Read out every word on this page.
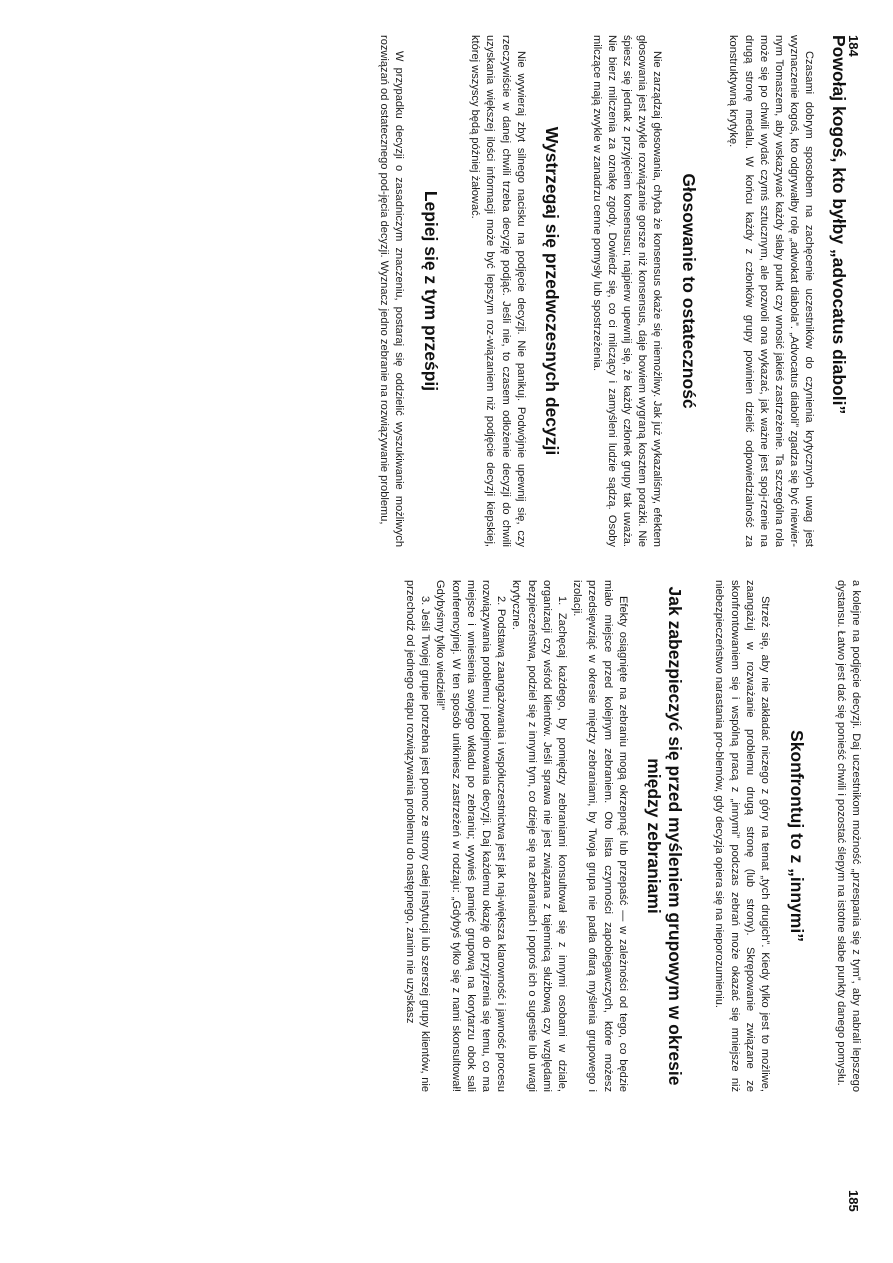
Powołaj kogoś, kto byłby „advocatus diaboli”

Czasami dobrym sposobem na zachęcenie uczestników do czynienia krytycznych uwag jest wyznaczenie kogoś, kto odgrywałby rolę „adwokat diabola”. „Advocatus diaboli” zgadza się być niewier-nym Tomaszem, aby wskazywać każdy słaby punkt czy wnosić jakieś zastrzeżenie. Ta szczególna rola może się po chwili wydać czymś sztucznym, ale pozwoli ona wykazać, jak ważne jest spoj-rzenie na drugą stronę medalu. W końcu każdy z członków grupy powinien dzielić odpowiedzialność za konstruktywną krytykę.

Głosowanie to ostateczność

Nie zarządzaj głosowania, chyba że konsensus okaże się niemożliwy. Jak już wykazaliśmy, efektem głosowania jest zwykle rozwiązanie gorsze niż konsensus, daje bowiem wygraną kosztem porażki. Nie śpiesz się jednak z przyjęciem konsensusu; najpierw upewnij się, że każdy członek grupy tak uważa. Nie bierz milczenia za oznakę zgody. Dowiedz się, co ci milczący i zamyśleni ludzie sądzą. Osoby milczące mają zwykle w zanadrzu cenne pomysły lub spostrzeżenia.

Wystrzegaj się przedwczesnych decyzji

Nie wywieraj zbyt silnego nacisku na podjęcie decyzji. Nie panikuj. Podwójnie upewnij się, czy rzeczywiście w danej chwili trzeba decyzję podjąć. Jeśli nie, to czasem odłożenie decyzji do chwili uzyskania większej ilości informacji może być lepszym roz-wiązaniem niż podjęcie decyzji kiepskiej, której wszyscy będą później żałować.

Lepiej się z tym prześpij

W przypadku decyzji o zasadniczym znaczeniu, postaraj się oddzielić wyszukiwanie możliwych rozwiązań od ostatecznego pod-jęcia decyzji. Wyznacz jedno zebranie na rozwiązywanie problemu,

a kolejne na podjęcie decyzji. Daj uczestnikom możność „przespania się z tym”, aby nabrali lepszego dystansu. Łatwo jest dać się ponieść chwili i pozostać ślepym na istotne słabe punkty danego pomysłu.

Skonfrontuj to z „innymi”

Strzeż się, aby nie zakładać niczego z góry na temat „tych drugich”. Kiedy tylko jest to możliwe, zaangażuj w rozważanie problemu drugą stronę (lub strony). Skrępowanie związane ze skonfrontowaniem się i wspólną pracą z „innymi” podczas zebrań może okazać się mniejsze niż niebezpieczeństwo narastania pro-blemów, gdy decyzja opiera się na nieporozumieniu.

Jak zabezpieczyć się przed myśleniem grupowym w okresie między zebraniami

Efekty osiągnięte na zebraniu mogą okrzepnąć lub przepaść — w zależności od tego, co będzie miało miejsce przed kolejnym zebraniem. Oto lista czynności zapobiegawczych, które możesz przedsięwziąć w okresie między zebraniami, by Twoja grupa nie padła ofiarą myślenia grupowego i izolacji.

1. Zachęcaj każdego, by pomiędzy zebraniami konsultował się z innymi osobami w dziale, organizacji czy wśród klientów. Jeśli sprawa nie jest związana z tajemnicą służbową czy względami bezpieczeństwa, podziel się z innymi tym, co dzieje się na zebraniach i poproś ich o sugestie lub uwagi krytyczne.

2. Podstawą zaangażowania i współuczestnictwa jest jak naj-większa klarowność i jawność procesu rozwiązywania problemu i podejmowania decyzji. Daj każdemu okazję do przyjrzenia się temu, co ma miejsce i wniesienia swojego wkładu po zebraniu; wywieś pamięć grupową na korytarzu obok sali konferencyjnej. W ten sposób unikniesz zastrzeżeń w rodzaju: „Gdybyś tylko się z nami skonsultował! Gdybyśmy tylko wiedzieli!”

3. Jeśli Twojej grupie potrzebna jest pomoc ze strony całej instytucji lub szerszej grupy klientów, nie przechodź od jednego etapu rozwiązywania problemu do następnego, zanim nie uzyskasz

184
185
